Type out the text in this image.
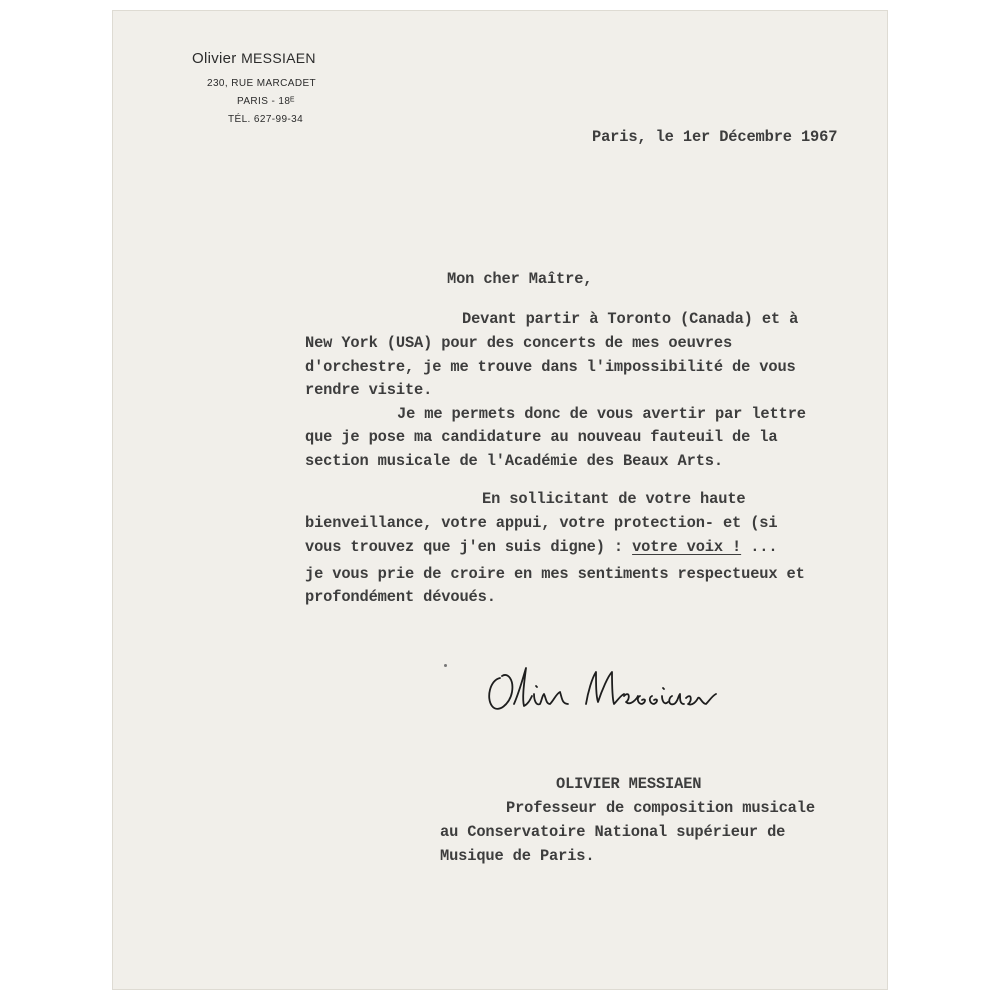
Olivier MESSIAEN
230, RUE MARCADET
PARIS - 18ᴱ
TÉL. 627-99-34
Paris, le 1er Décembre 1967
Mon cher Maître,
Devant partir à Toronto (Canada) et à
New York (USA) pour des concerts de mes oeuvres
d'orchestre, je me trouve dans l'impossibilité de vous
rendre visite.
Je me permets donc de vous avertir par lettre
que je pose ma candidature au nouveau fauteuil de la
section musicale de l'Académie des Beaux Arts.
En sollicitant de votre haute
bienveillance, votre appui, votre protection- et (si
vous trouvez que j'en suis digne) : votre voix ! ...
je vous prie de croire en mes sentiments respectueux et
profondément dévoués.
OLIVIER MESSIAEN
Professeur de composition musicale
au Conservatoire National supérieur de
Musique de Paris.
